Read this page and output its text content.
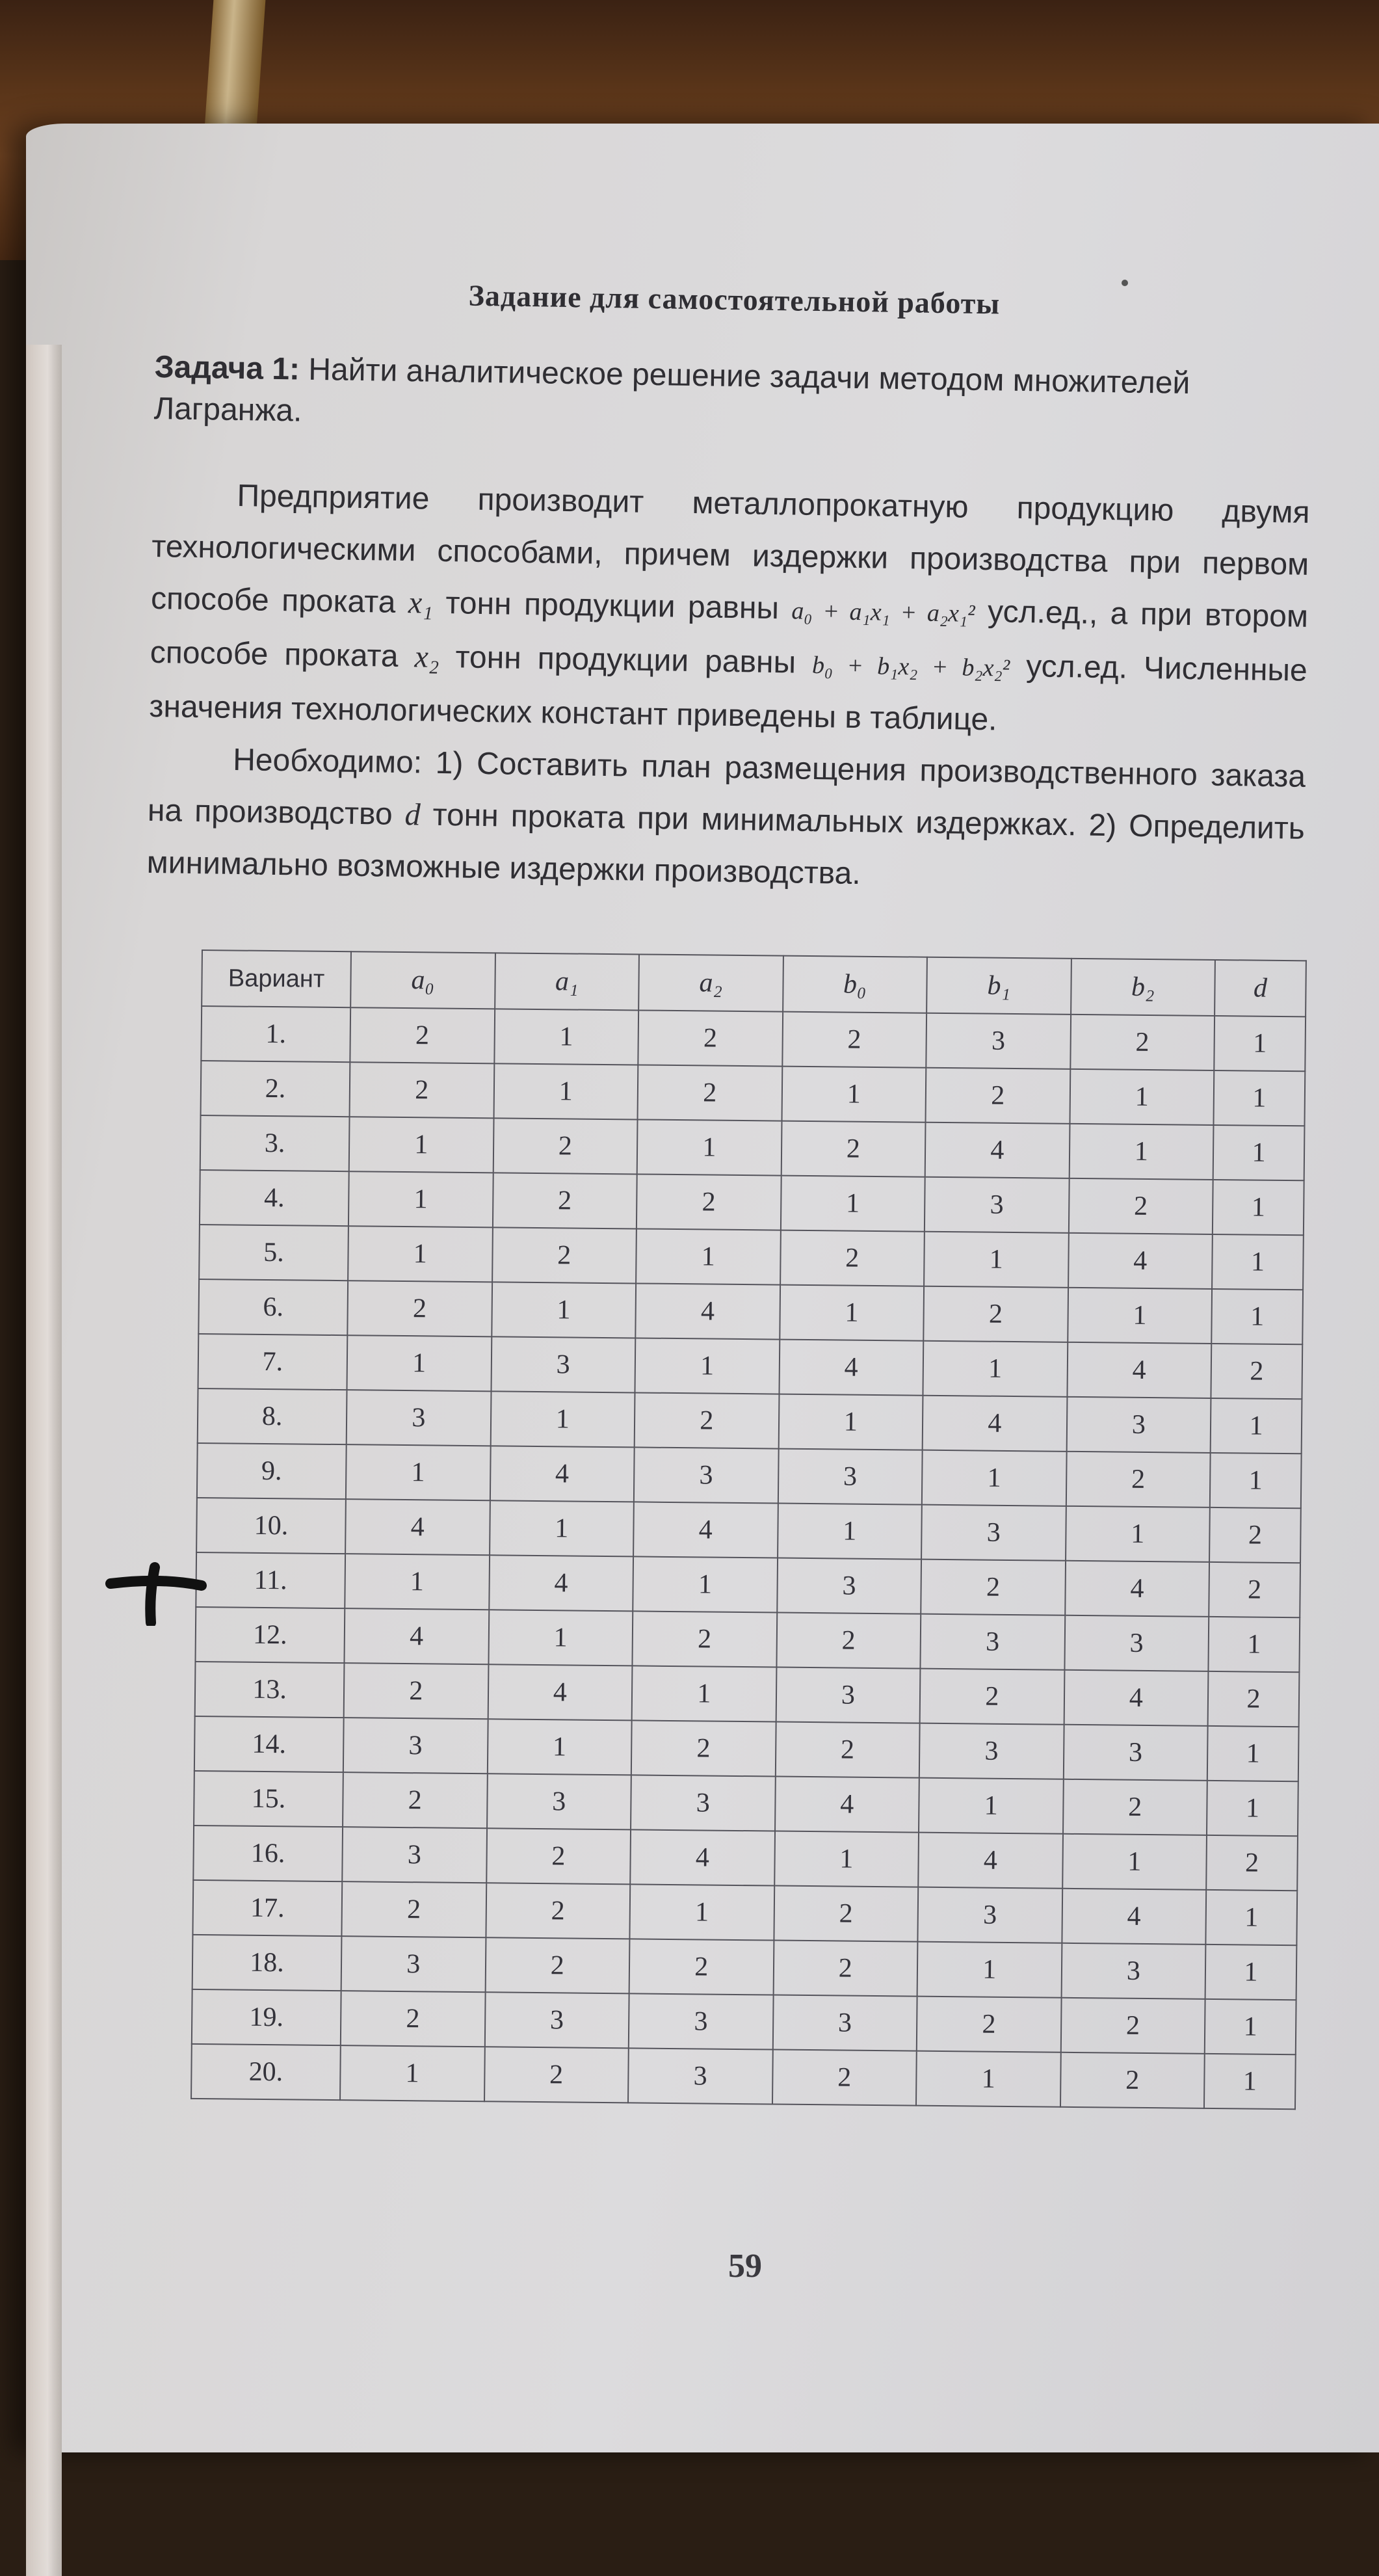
Задание для самостоятельной работы

Задача 1: Найти аналитическое решение задачи методом множителей Лагранжа.

Предприятие производит металлопрокатную продукцию двумя технологическими способами, причем издержки производства при первом способе проката x₁ тонн продукции равны a₀ + a₁x₁ + a₂x₁² усл.ед., а при втором способе проката x₂ тонн продукции равны b₀ + b₁x₂ + b₂x₂² усл.ед. Численные значения технологических констант приведены в таблице.

Необходимо: 1) Составить план размещения производственного заказа на производство d тонн проката при минимальных издержках. 2) Определить минимально возможные издержки производства.

Вариант	a₀	a₁	a₂	b₀	b₁	b₂	d
1.	2	1	2	2	3	2	1
2.	2	1	2	1	2	1	1
3.	1	2	1	2	4	1	1
4.	1	2	2	1	3	2	1
5.	1	2	1	2	1	4	1
6.	2	1	4	1	2	1	1
7.	1	3	1	4	1	4	2
8.	3	1	2	1	4	3	1
9.	1	4	3	3	1	2	1
10.	4	1	4	1	3	1	2
11.	1	4	1	3	2	4	2
12.	4	1	2	2	3	3	1
13.	2	4	1	3	2	4	2
14.	3	1	2	2	3	3	1
15.	2	3	3	4	1	2	1
16.	3	2	4	1	4	1	2
17.	2	2	1	2	3	4	1
18.	3	2	2	2	1	3	1
19.	2	3	3	3	2	2	1
20.	1	2	3	2	1	2	1
59
